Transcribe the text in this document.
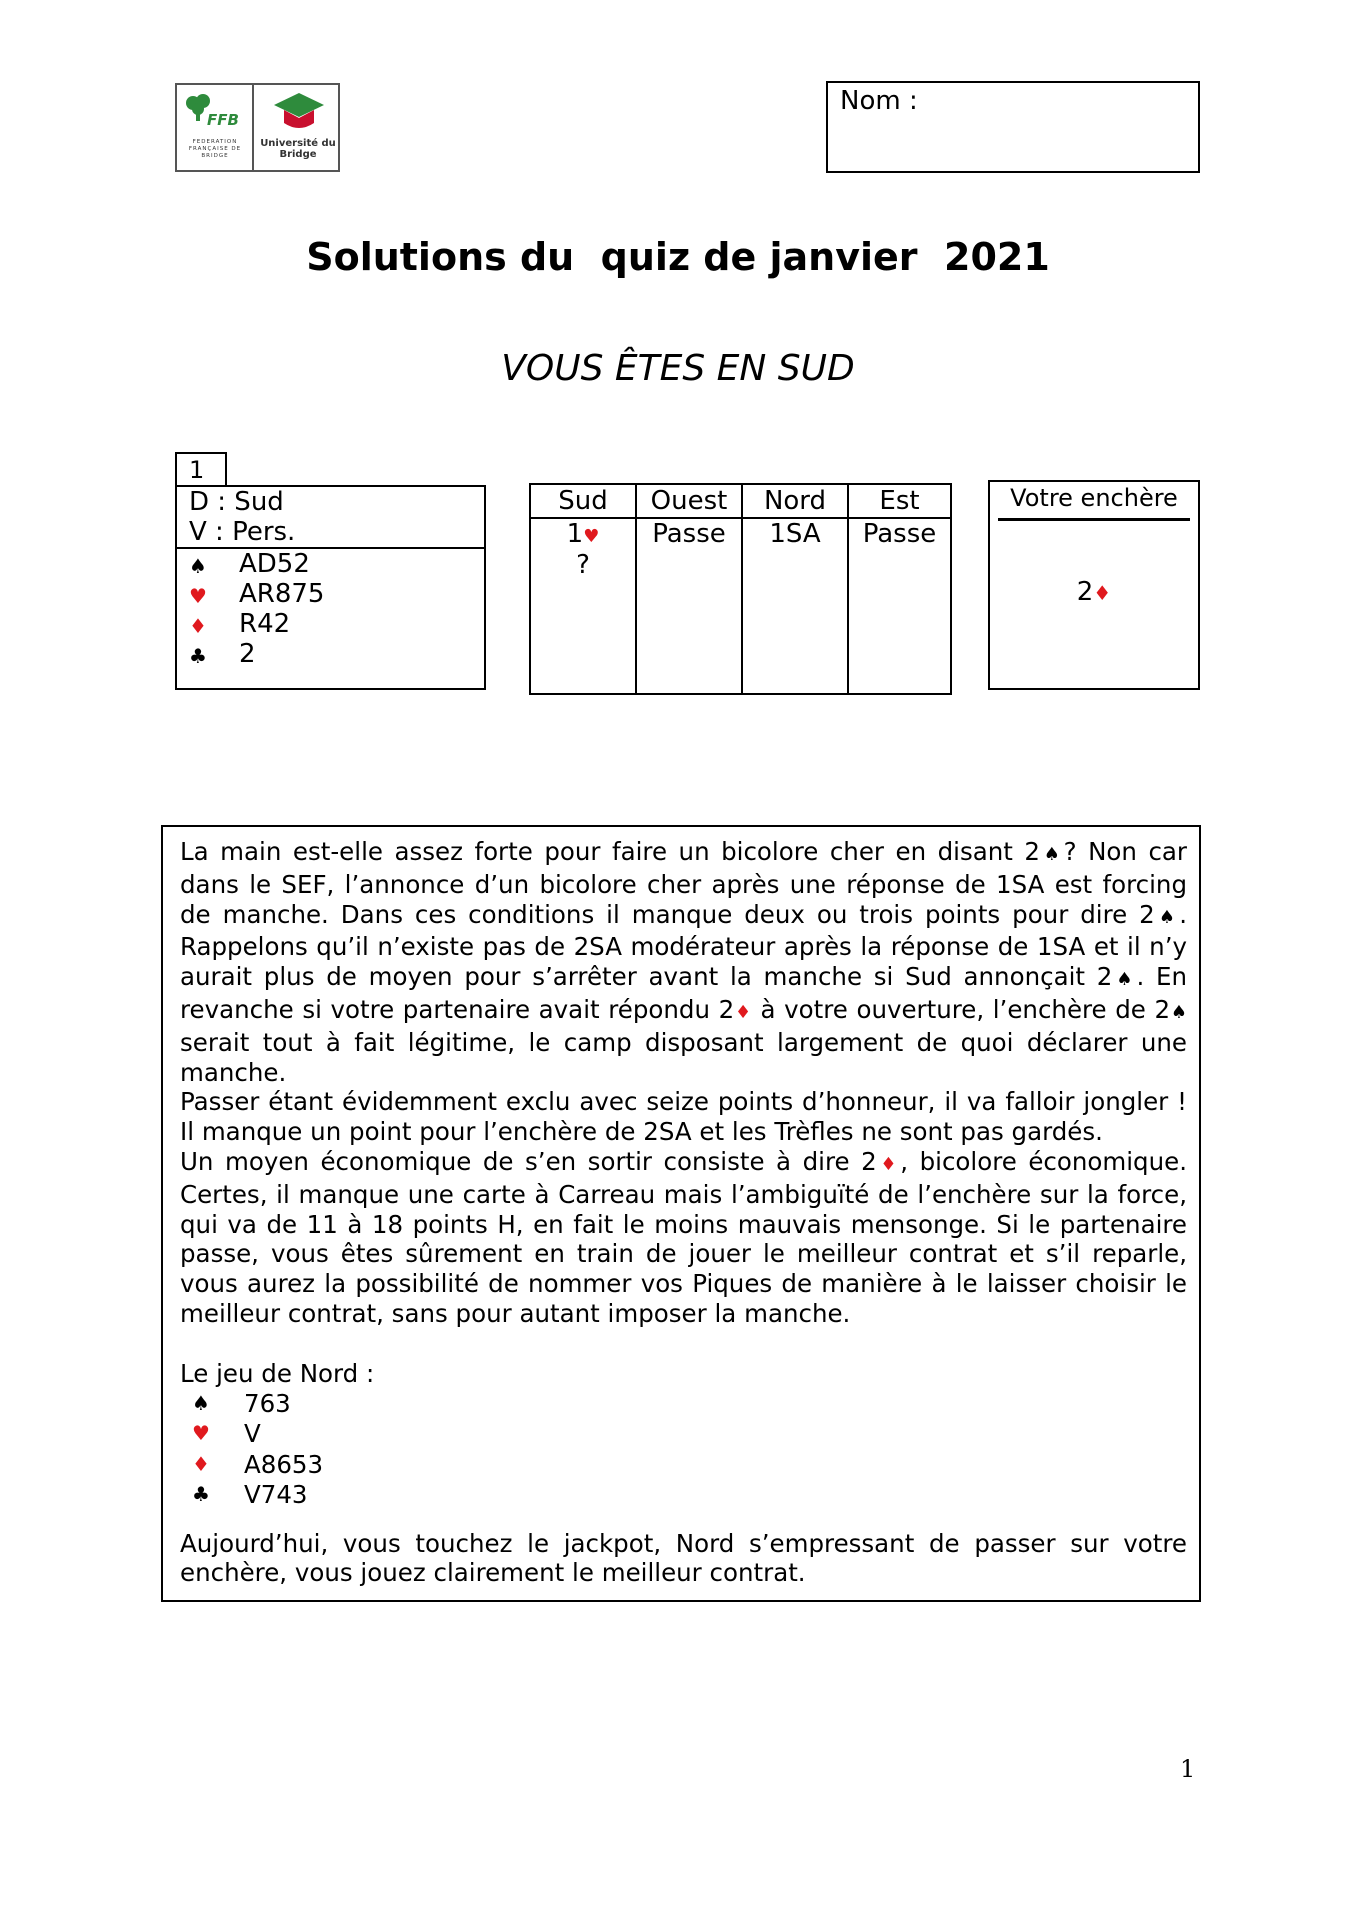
FFB
FEDERATION FRANÇAISE DE BRIDGE
Université du Bridge
Nom :
Solutions du  quiz de janvier  2021
VOUS ÊTES EN SUD
1
D : Sud
V : Pers.
♠ AD52
♥ AR875
♦ R42
♣ 2
Sud
1♥
?
Ouest
Passe
Nord
1SA
Est
Passe
Votre enchère
2♦

La main est-elle assez forte pour faire un bicolore cher en disant 2♠? Non car dans le SEF, l’annonce d’un bicolore cher après une réponse de 1SA est forcing de manche. Dans ces conditions il manque deux ou trois points pour dire 2♠. Rappelons qu’il n’existe pas de 2SA modérateur après la réponse de 1SA et il n’y aurait plus de moyen pour s’arrêter avant la manche si Sud annonçait 2♠. En revanche si votre partenaire avait répondu 2♦ à votre ouverture, l’enchère de 2♠ serait tout à fait légitime, le camp disposant largement de quoi déclarer une manche.

Passer étant évidemment exclu avec seize points d’honneur, il va falloir jongler ! Il manque un point pour l’enchère de 2SA et les Trèfles ne sont pas gardés.

Un moyen économique de s’en sortir consiste à dire 2♦, bicolore économique. Certes, il manque une carte à Carreau mais l’ambiguïté de l’enchère sur la force, qui va de 11 à 18 points H, en fait le moins mauvais mensonge. Si le partenaire passe, vous êtes sûrement en train de jouer le meilleur contrat et s’il reparle, vous aurez la possibilité de nommer vos Piques de manière à le laisser choisir le meilleur contrat, sans pour autant imposer la manche.

Le jeu de Nord :

♠ 763
♥ V
♦ A8653
♣ V743

Aujourd’hui, vous touchez le jackpot, Nord s’empressant de passer sur votre enchère, vous jouez clairement le meilleur contrat.

1
